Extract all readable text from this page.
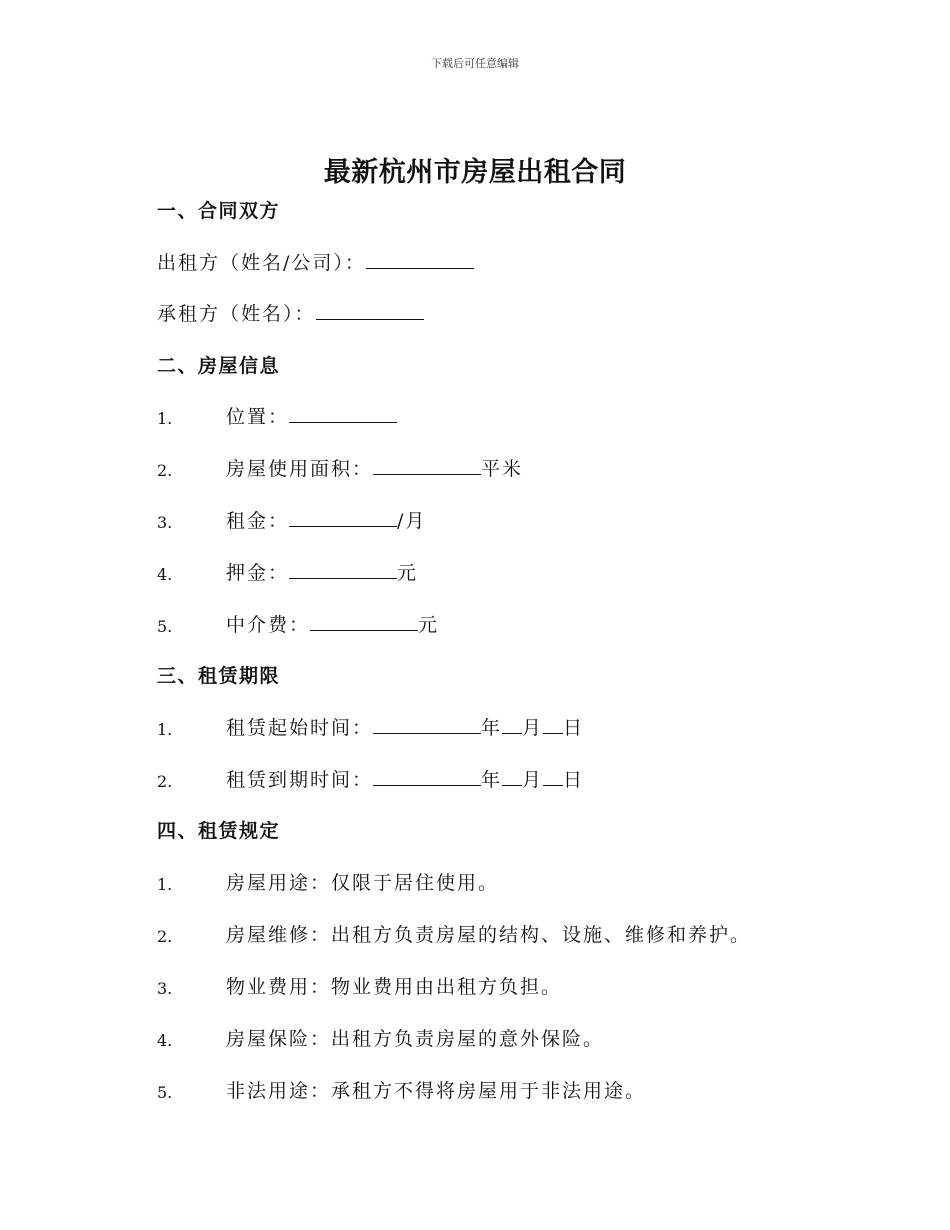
下载后可任意编辑
最新杭州市房屋出租合同
一、合同双方
出租方（姓名/公司）：
承租方（姓名）：
二、房屋信息
1.	位置：
2.	房屋使用面积：	平米
3.	租金：	/月
4.	押金：	元
5.	中介费：	元
三、租赁期限
1.	租赁起始时间：	年 月 日
2.	租赁到期时间：	年 月 日
四、租赁规定
1.	房屋用途：仅限于居住使用。
2.	房屋维修：出租方负责房屋的结构、设施、维修和养护。
3.	物业费用：物业费用由出租方负担。
4.	房屋保险：出租方负责房屋的意外保险。
5.	非法用途：承租方不得将房屋用于非法用途。
